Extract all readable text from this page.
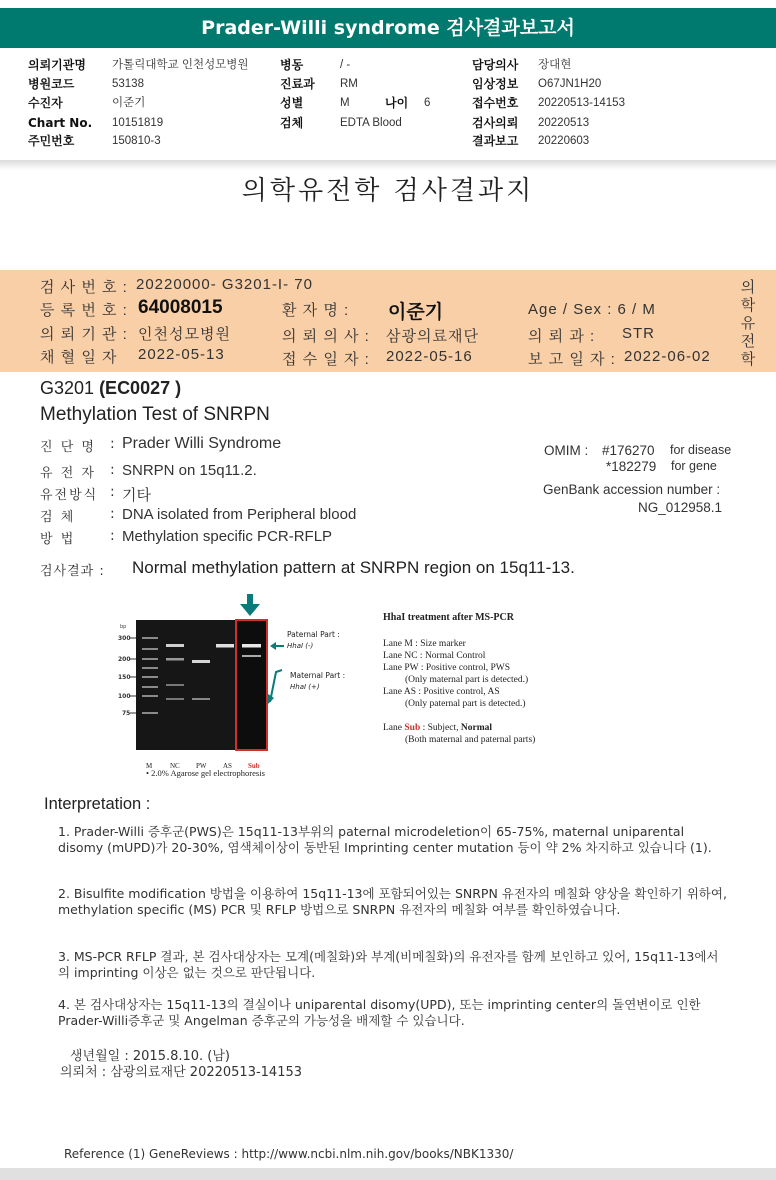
Prader-Willi syndrome 검사결과보고서
의뢰기관명 가톨릭대학교 인천성모병원	병동	/ -	담당의사 장대현
병원코드	53138	진료과 RM	임상정보 O67JN1H20
수진자	이준기	성별	M	나이 6	접수번호 20220513-14153
Chart No. 10151819	검체	EDTA Blood	검사의뢰 20220513
주민번호	150810-3	결과보고 20220603
의학유전학 검사결과지
검 사 번 호 : 20220000- G3201-I- 70
등 록 번 호 : 64008015	환 자 명 : 이준기	Age / Sex : 6 / M
의 뢰 기 관 : 인천성모병원	의 뢰 의 사 : 삼광의료재단	의 뢰 과 : STR
채 혈 일 자 2022-05-13	접 수 일 자 : 2022-05-16	보 고 일 자 : 2022-06-02
의
학
유
전
학
G3201 (EC0027 )
Methylation Test of SNRPN
진 단 명	: Prader Willi Syndrome
유 전 자	: SNRPN on 15q11.2.
유전방식 : 기타
검 체	: DNA isolated from Peripheral blood
방 법	: Methylation specific PCR-RFLP
OMIM : #176270 for disease
*182279 for gene
GenBank accession number :
NG_012958.1
검사결과 : Normal methylation pattern at SNRPN region on 15q11-13.
bp
300
200
150
100
75
M	NC PW AS Sub
Paternal Part :
HhaI (-)
Maternal Part :
HhaI (+)

HhaI treatment after MS-PCR

Lane M : Size marker

Lane NC : Normal Control

Lane PW : Positive control, PWS

(Only maternal part is detected.)

Lane AS : Positive control, AS

(Only paternal part is detected.)

Lane Sub : Subject, Normal

(Both maternal and paternal parts)

• 2.0% Agarose gel electrophoresis
Interpretation :
1. Prader-Willi 증후군(PWS)은 15q11-13부위의 paternal microdeletion이 65-75%, maternal uniparental disomy (mUPD)가 20-30%, 염색체이상이 동반된 Imprinting center mutation 등이 약 2% 차지하고 있습니다 (1).
2. Bisulfite modification 방법을 이용하여 15q11-13에 포함되어있는 SNRPN 유전자의 메칠화 양상을 확인하기 위하여, methylation specific (MS) PCR 및 RFLP 방법으로 SNRPN 유전자의 메칠화 여부를 확인하였습니다.
3. MS-PCR RFLP 결과, 본 검사대상자는 모계(메칠화)와 부계(비메칠화)의 유전자를 함께 보인하고 있어, 15q11-13에서의 imprinting 이상은 없는 것으로 판단됩니다.
4. 본 검사대상자는 15q11-13의 결실이나 uniparental disomy(UPD), 또는 imprinting center의 돌연변이로 인한 Prader-Willi증후군 및 Angelman 증후군의 가능성을 배제할 수 있습니다.
생년월일 : 2015.8.10. (남)
의뢰처 : 삼광의료재단 20220513-14153
Reference (1) GeneReviews : http://www.ncbi.nlm.nih.gov/books/NBK1330/
